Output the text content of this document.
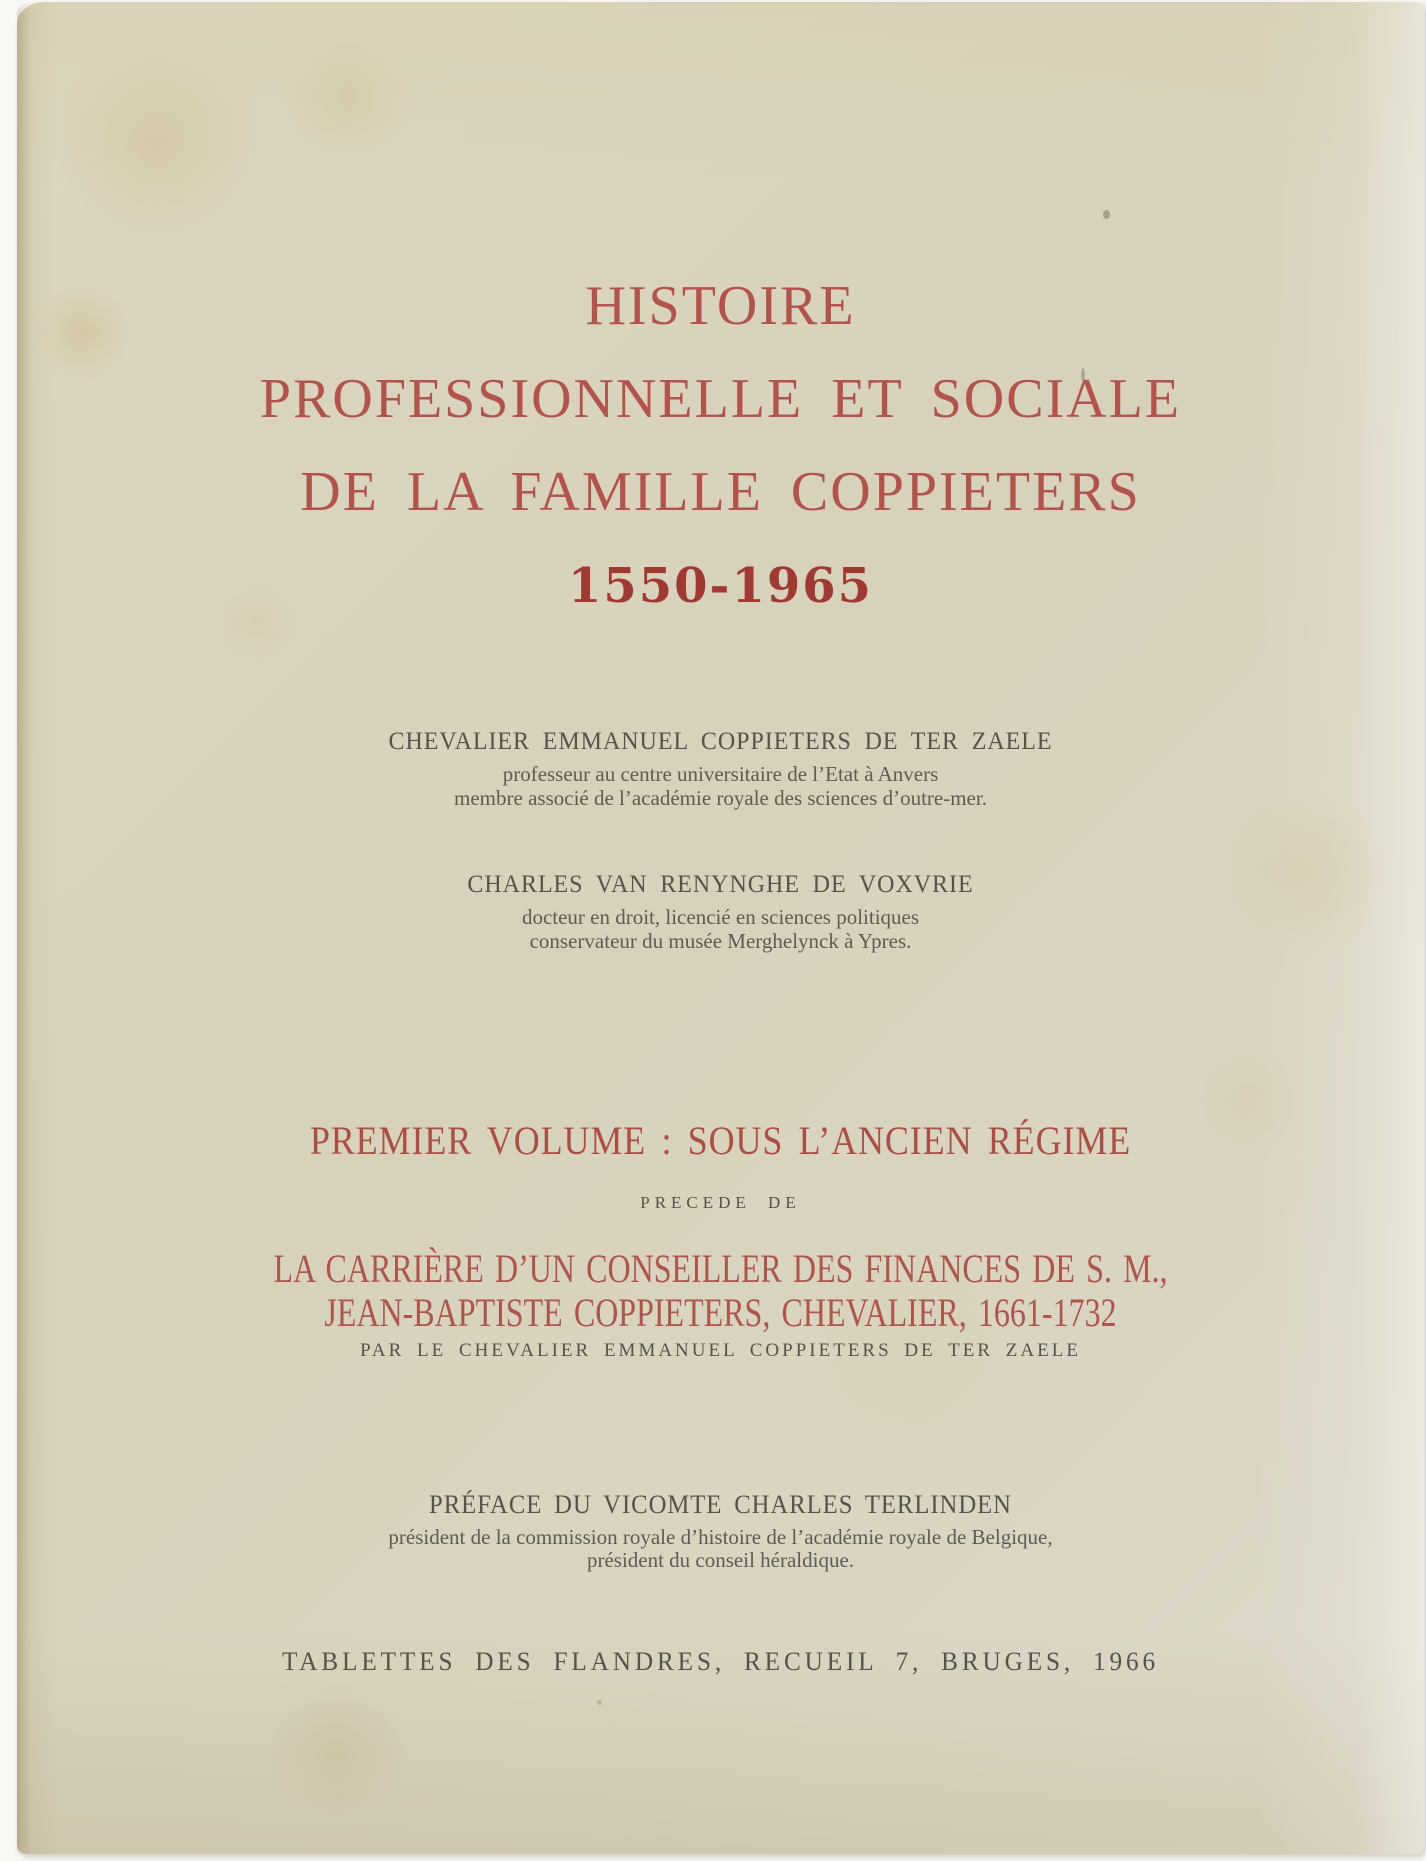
HISTOIRE
PROFESSIONNELLE ET SOCIALE
DE LA FAMILLE COPPIETERS
1550-1965
CHEVALIER EMMANUEL COPPIETERS DE TER ZAELE
professeur au centre universitaire de l’Etat à Anvers
membre associé de l’académie royale des sciences d’outre-mer.
CHARLES VAN RENYNGHE DE VOXVRIE
docteur en droit, licencié en sciences politiques
conservateur du musée Merghelynck à Ypres.
PREMIER VOLUME : SOUS L’ANCIEN RÉGIME
PRECEDE DE
LA CARRIÈRE D’UN CONSEILLER DES FINANCES DE S. M.,
JEAN-BAPTISTE COPPIETERS, CHEVALIER, 1661-1732
PAR LE CHEVALIER EMMANUEL COPPIETERS DE TER ZAELE
PRÉFACE DU VICOMTE CHARLES TERLINDEN
président de la commission royale d’histoire de l’académie royale de Belgique,
président du conseil héraldique.
TABLETTES DES FLANDRES, RECUEIL 7, BRUGES, 1966
